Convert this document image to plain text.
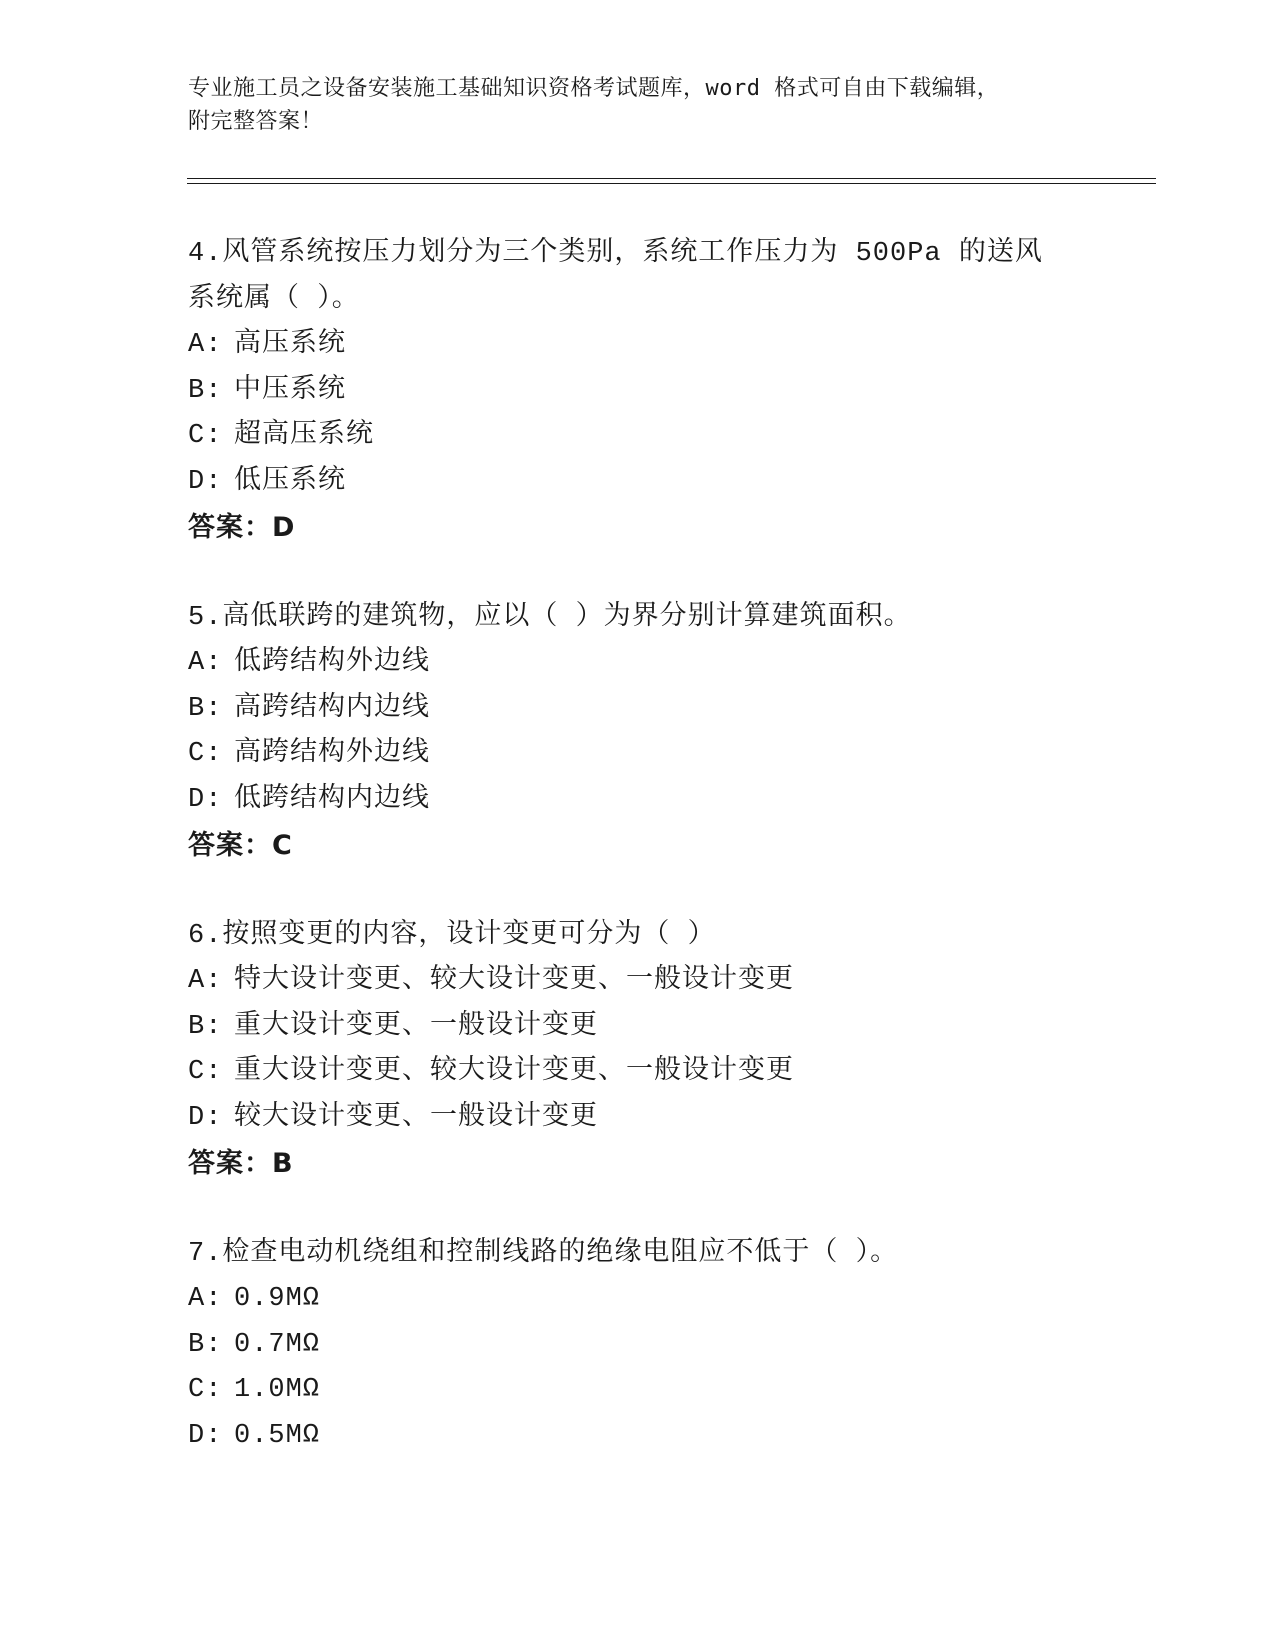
专业施工员之设备安装施工基础知识资格考试题库，word 格式可自由下载编辑，
附完整答案！
4.风管系统按压力划分为三个类别，系统工作压力为 500Pa 的送风系统属（ ）。
A: 高压系统
B: 中压系统
C: 超高压系统
D: 低压系统
答案：D
5.高低联跨的建筑物，应以（ ）为界分别计算建筑面积。
A: 低跨结构外边线
B: 高跨结构内边线
C: 高跨结构外边线
D: 低跨结构内边线
答案：C
6.按照变更的内容，设计变更可分为（ ）
A: 特大设计变更、较大设计变更、一般设计变更
B: 重大设计变更、一般设计变更
C: 重大设计变更、较大设计变更、一般设计变更
D: 较大设计变更、一般设计变更
答案：B
7.检查电动机绕组和控制线路的绝缘电阻应不低于（ ）。
A: 0.9MΩ
B: 0.7MΩ
C: 1.0MΩ
D: 0.5MΩ
